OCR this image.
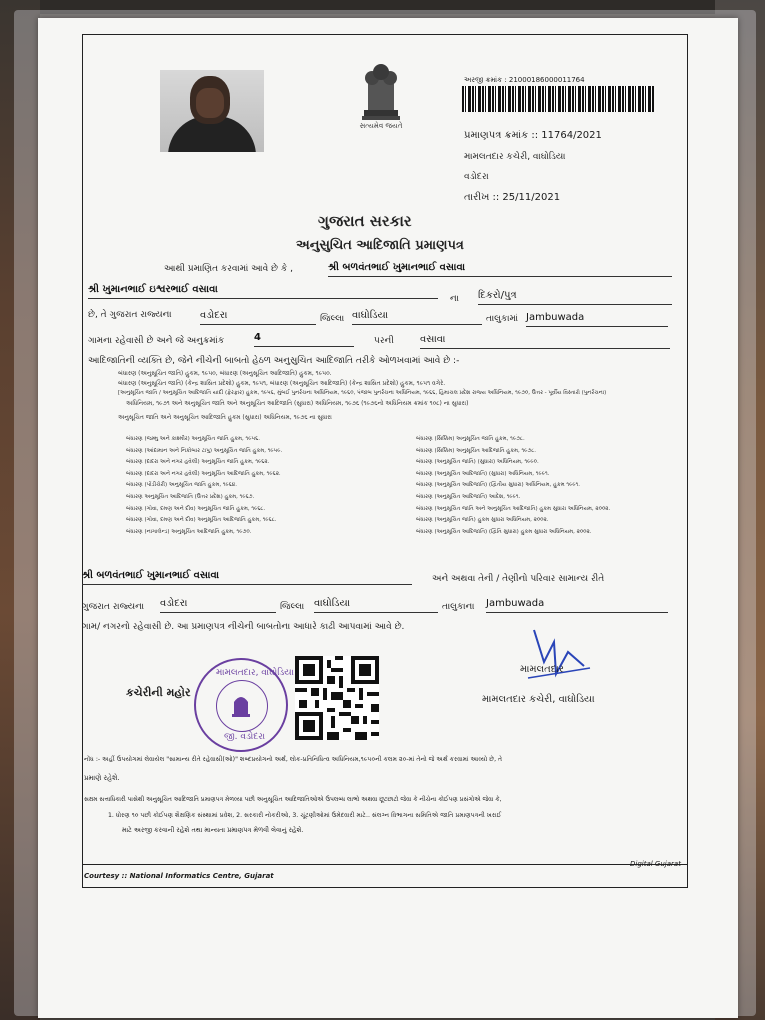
સત્યમેવ જયતે
અરજી ક્રમાંક : 21000186000011764
પ્રમાણપત્ર ક્રમાંક :: 11764/2021
મામલતદાર કચેરી, વાઘોડિયા
વડોદરા
તારીખ :: 25/11/2021
ગુજરાત સરકાર
અનુસુચિત આદિજાતિ પ્રમાણપત્ર
આથી પ્રમાણિત કરવામાં આવે છે કે ,	શ્રી બળવંતભાઈ ખુમાનભાઈ વસાવા
શ્રી ખુમાનભાઈ ઇશ્વરભાઈ વસાવા
ના દિકરો/પુત્ર
છે, તે ગુજરાત રાજ્યના	વડોદરા	જિલ્લા વાઘોડિયા	તાલુકામાં Jambuwada
ગામના રહેવાસી છે અને જે અનુક્રમાંક	4	પરની	વસાવા
આદિજાતિની વ્યક્તિ છે, જેને નીચેની બાબતો હેઠળ અનુસુચિત આદિજાતિ તરીકે ઓળખવામાં આવે છે :-
બંધારણ (અનુસૂચિત જાતિ) હુકમ, ૧૯૫૦, બંધારણ (અનુસૂચિત આદિજાતિ) હુકમ, ૧૯૫૦.
બંધારણ (અનુસૂચિત જાતિ) (કેન્દ્ર શાસિત પ્રદેશો) હુકમ, ૧૯૫૧, બંધારણ (અનુસૂચિત આદિજાતિ) (કેન્દ્ર શાસિત પ્રદેશો) હુકમ, ૧૯૫૧ વગેરે.
[અનુસૂચિત જાતિ / અનુસૂચિત આદિજાતિ યાદી (ફેરફાર) હુકમ, ૧૯૫૬, મુંબઈ પુનર્રચના અધિનિયમ, ૧૯૬૦, પંજાબ પુનર્રચના અધિનિયમ, ૧૯૬૬, હિમાચલ પ્રદેશ રાજ્ય અધિનિયમ, ૧૯૭૦, ઉત્તર - પૂર્વીય વિસ્તારો (પુનર્રચના)
અધિનિયમ, ૧૯૭૧ અને અનુસૂચિત જાતિ અને અનુસૂચિત આદિજાતિ (સુધારા) અધિનિયમ, ૧૯૭૬ (૧૯૭૬નો અધિનિયમ ક્રમાંક ૧૦૮) ના સુધારા)
અનુસૂચિત જાતિ અને અનુસૂચિત આદિજાતિ હુકમ (સુધારા) અધિનિયમ, ૧૯૭૬ ના સુધારા
બંધારણ (જમ્મુ અને કાશ્મીર) અનુસૂચિત જાતિ હુકમ, ૧૯૫૬.
બંધારણ (આંદામાન અને નિકોબાર ટાપુ) અનુસૂચિત જાતિ હુકમ, ૧૯૫૯.
બંધારણ (દાદરા અને નગર હવેલી) અનુસૂચિત જાતિ હુકમ, ૧૯૬૨.
બંધારણ (દાદરા અને નગર હવેલી) અનુસૂચિત આદિજાતિ હુકમ, ૧૯૬૨.
બંધારણ (પોંડીચેરી) અનુસૂચિત જાતિ હુકમ, ૧૯૬૪.
બંધારણ અનુસૂચિત આદિજાતિ (ઉત્તર પ્રદેશ) હુકમ, ૧૯૬૭.
બંધારણ (ગોવા, દમણ અને દીવ) અનુસૂચિત જાતિ હુકમ, ૧૯૬૮.
બંધારણ (ગોવા, દમણ અને દીવ) અનુસૂચિત આદિજાતિ હુકમ, ૧૯૬૮.
બંધારણ (નાગાલેન્ડ) અનુસૂચિત આદિજાતિ હુકમ, ૧૯૭૦.
બંધારણ (સિક્કિમ) અનુસૂચિત જાતિ હુકમ, ૧૯૭૮.
બંધારણ (સિક્કિમ) અનુસૂચિત આદિજાતિ હુકમ, ૧૯૭૮.
બંધારણ (અનુસૂચિત જાતિ) (સુધારા) અધિનિયમ, ૧૯૯૦.
બંધારણ (અનુસૂચિત આદિજાતિ) (સુધારા) અધિનિયમ, ૧૯૯૧.
બંધારણ (અનુસૂચિત આદિજાતિ) (દ્વિતીય સુધારા) અધિનિયમ, હુકમ ૧૯૯૧.
બંધારણ (અનુસૂચિત આદિજાતિ) આદેશ, ૧૯૯૧.
બંધારણ (અનુસૂચિત જાતિ અને અનુસૂચિત આદિજાતિ) હુકમ સુધારા અધિનિયમ, ૨૦૦૨.
બંધારણ (અનુસૂચિત જાતિ) હુકમ સુધારા અધિનિયમ, ૨૦૦૨.
બંધારણ (અનુસૂચિત આદિજાતિ) (દ્વિતિ સુધારા) હુકમ સુધારા અધિનિયમ, ૨૦૦૨.
શ્રી બળવંતભાઈ ખુમાનભાઈ વસાવા	અને અથવા તેની / તેણીનો પરિવાર સામાન્ય રીતે
ગુજરાત રાજ્યના વડોદરા	જિલ્લા વાઘોડિયા	તાલુકાના Jambuwada
ગામ/ નગરનો રહેવાસી છે. આ પ્રમાણપત્ર નીચેની બાબતોના આધારે કાઢી આપવામાં આવે છે.
કચેરીની મહોર
મામલતદાર, વાઘોડિયા
જી. વડોદરા
મામલતદાર
મામલતદાર કચેરી, વાઘોડિયા
નોંધ :- અહીં ઉપયોગમાં લેવાયેલ "સામાન્ય રીતે રહેવાસી(ઓ)" શબ્દપ્રયોગનો અર્થ, લોક-પ્રતિનિધિત્વ અધિનિયમ,૧૯૫૦ની કલમ ૨૦-માં તેનો જે અર્થ કરવામાં આવ્યો છે, તે
પ્રમાણે રહેશે.
સક્ષમ સત્તાધિકારી પાસેથી અનુસૂચિત આદિજાતિ પ્રમાણપત્ર મેળવ્યા પછી અનુસૂચિત આદિજાતિઓએ ઉપલબ્ધ લાભો અથવા છૂટછાટો જેવા કે નીચેના કોઈપણ પ્રસંગોએ જેવા કે,
1. ધોરણ ૧૦ પછી કોઈપણ શૈક્ષણિક સંસ્થામાં પ્રવેશ, 2. સરકારી નોકરીઓ, 3. ચૂંટણીઓમાં ઉમેદવારી માટે.. સંલગ્ન વિભાગના સમિતિએ જાતિ પ્રમાણપત્રની ખરાઈ
માટે અરજી કરવાની રહેશે તથા માન્યતા પ્રમાણપત્ર મેળવી લેવાનું રહેશે.
Courtesy :: National Informatics Centre, Gujarat
Digital Gujarat
